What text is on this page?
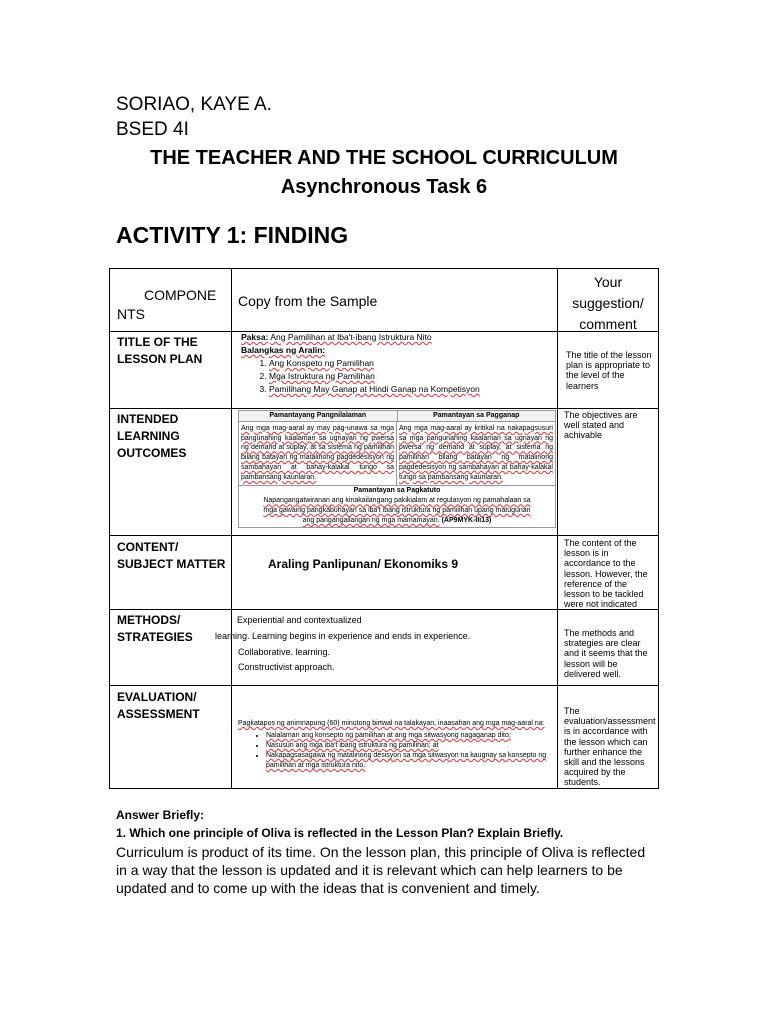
SORIAO, KAYE A.
BSED 4I
THE TEACHER AND THE SCHOOL CURRICULUM
Asynchronous Task 6
ACTIVITY 1: FINDING
COMPONE
NTS
Copy from the Sample
Your
suggestion/
comment
TITLE OF THE LESSON PLAN
Paksa: Ang Pamilihan at Iba't-ibang Istruktura Nito
Balangkas ng Aralin:
1. Ang Konspeto ng Pamilihan
2. Mga Istruktura ng Pamilihan
3. Pamilihang May Ganap at Hindi Ganap na Kompetisyon
The title of the lesson plan is appropriate to the level of the learners
INTENDED LEARNING OUTCOMES
Pamantayang Pangnilalaman	Pamantayan sa Pagganap
Ang mga mag-aaral ay may pag-unawa sa mga pangunahing kaalaman sa ugnayan ng pwersa ng demand at suplay, at sa sistema ng pamilihan bilang batayan ng matalinong pagdedesisyon ng sambahayan at bahay-kalakal tungo sa pambansang kaunlaran.
Ang mga mag-aaral ay kritikal na nakapagsusuri sa mga pangunahing kaalaman sa ugnayan ng pwersa ng demand at suplay, at sistema ng pamilihan bilang batayan ng matalinong pagdedesisyon ng sambahayan at bahay-kalakal tungo sa pambansang kaunlaran.
Pamantayan sa Pagkatuto
Napangangatwiranan ang kinakailangang pakikialam at regulasyon ng pamahalaan sa mga gawaing pangkabuhayan sa iba't ibang istruktura ng pamilihan upang matugunan ang pangangailangan ng mga mamamayan. (AP9MYK-IIi13)
The objectives are well stated and achivable
CONTENT/ SUBJECT MATTER	Araling Panlipunan/ Ekonomiks 9
The content of the lesson is in accordance to the lesson. However, the reference of the lesson to be tackled were not indicated
METHODS/ STRATEGIES
Experiential and contextualized
learning. Learning begins in experience and ends in experience.
Collaborative. learning.
Constructivist approach.
The methods and strategies are clear and it seems that the lesson will be delivered well.
EVALUATION/ ASSESSMENT
Pagkatapos ng animnapung (60) minutong birtwal na talakayan, inaasahan ang mga mag-aaral na:
• Nalalaman ang konsepto ng pamilihan at ang mga sitwasyong nagaganap dito;
• Nasusuri ang mga iba't ibang istruktura ng pamilihan; at
• Nakapagsasagawa ng matalinong desisyon sa mga sitwasyon na kaugnay sa konsepto ng pamilihan at mga istruktura nito.
The evaluation/assessment is in accordance with the lesson which can further enhance the skill and the lessons acquired by the students.
Answer Briefly:
1. Which one principle of Oliva is reflected in the Lesson Plan? Explain Briefly.
Curriculum is product of its time. On the lesson plan, this principle of Oliva is reflected in a way that the lesson is updated and it is relevant which can help learners to be updated and to come up with the ideas that is convenient and timely.
